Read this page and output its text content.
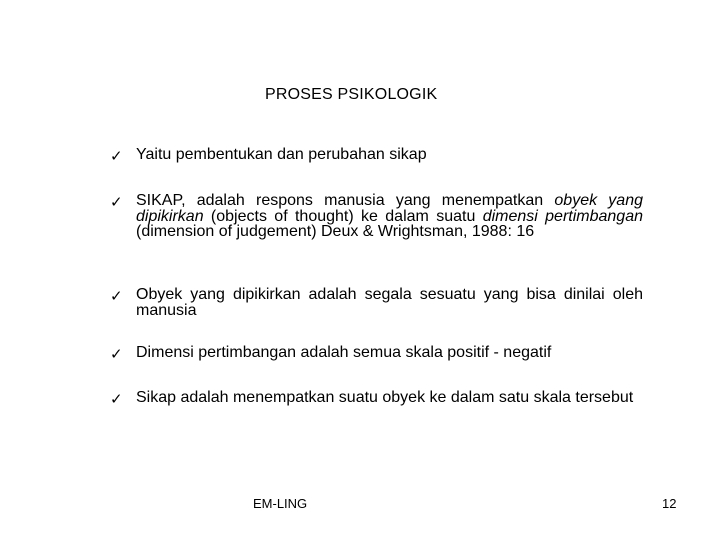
PROSES PSIKOLOGIK
✓ Yaitu pembentukan dan perubahan sikap
✓ SIKAP, adalah respons manusia yang menempatkan obyek yang dipikirkan (objects of thought) ke dalam suatu dimensi pertimbangan (dimension of judgement) Deux & Wrightsman, 1988: 16
✓ Obyek yang dipikirkan adalah segala sesuatu yang bisa dinilai oleh manusia
✓ Dimensi pertimbangan adalah semua skala positif - negatif
✓ Sikap adalah menempatkan suatu obyek ke dalam satu skala tersebut
EM-LING	12
